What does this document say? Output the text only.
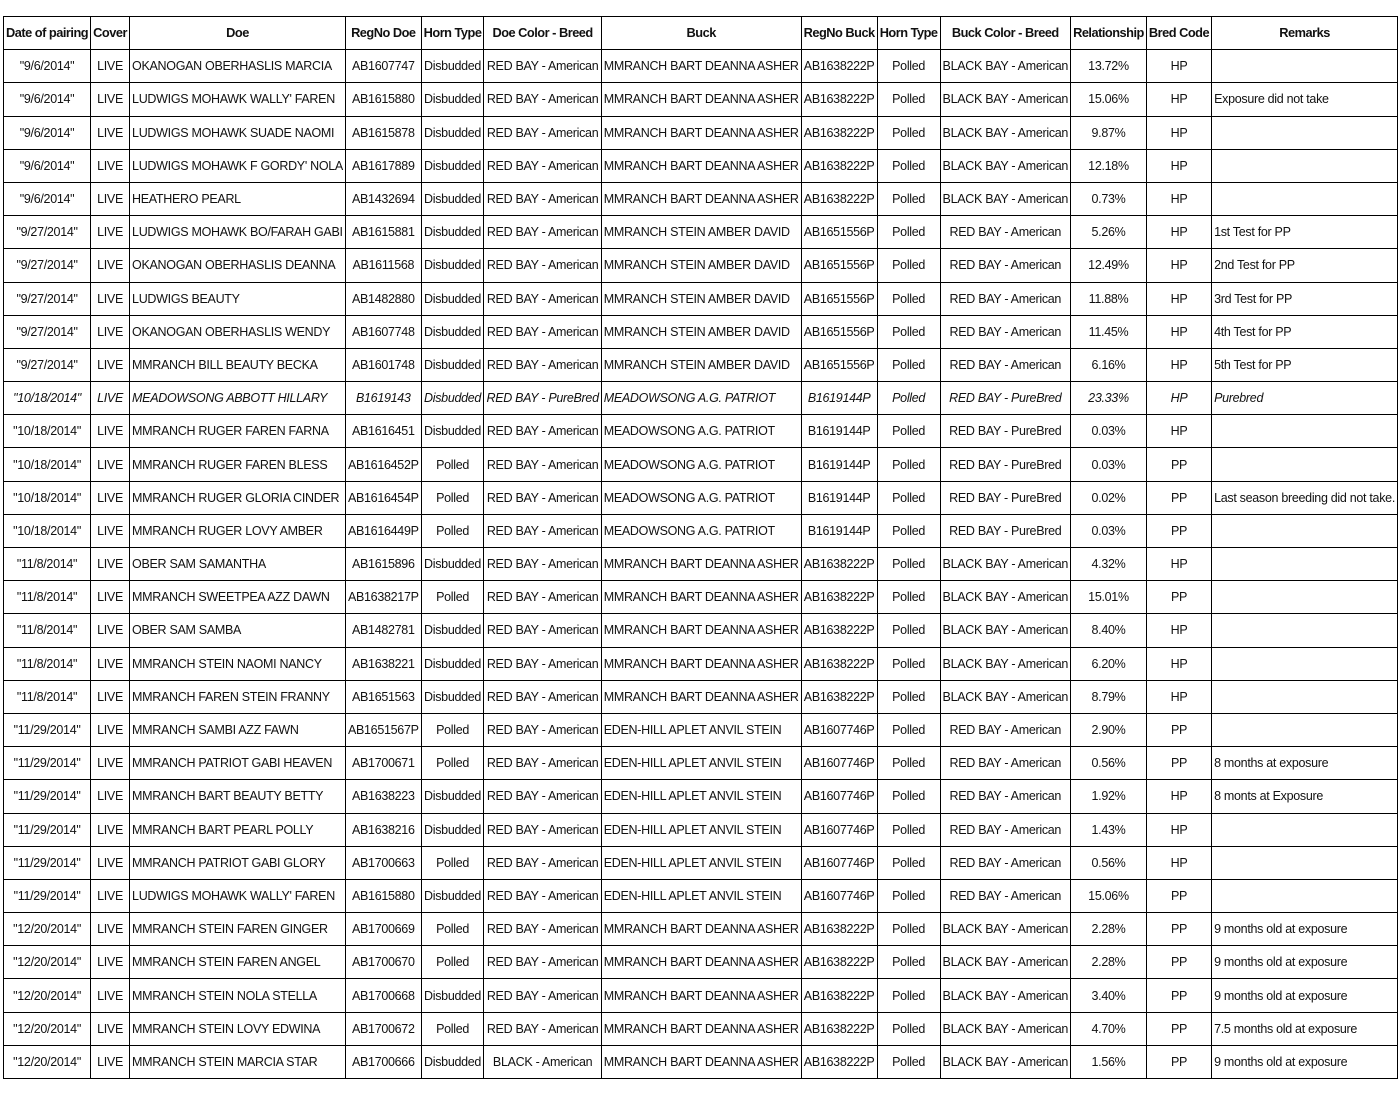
Date of pairing	Cover	Doe	RegNo Doe	Horn Type	Doe Color - Breed	Buck	RegNo Buck	Horn Type	Buck Color - Breed	Relationship	Bred Code	Remarks
"9/6/2014"	LIVE	OKANOGAN OBERHASLIS MARCIA	AB1607747	Disbudded	RED BAY - American	MMRANCH BART DEANNA ASHER	AB1638222P	Polled	BLACK BAY - American	13.72%	HP	
"9/6/2014"	LIVE	LUDWIGS MOHAWK WALLY' FAREN	AB1615880	Disbudded	RED BAY - American	MMRANCH BART DEANNA ASHER	AB1638222P	Polled	BLACK BAY - American	15.06%	HP	Exposure did not take
"9/6/2014"	LIVE	LUDWIGS MOHAWK SUADE NAOMI	AB1615878	Disbudded	RED BAY - American	MMRANCH BART DEANNA ASHER	AB1638222P	Polled	BLACK BAY - American	9.87%	HP	
"9/6/2014"	LIVE	LUDWIGS MOHAWK F GORDY' NOLA	AB1617889	Disbudded	RED BAY - American	MMRANCH BART DEANNA ASHER	AB1638222P	Polled	BLACK BAY - American	12.18%	HP	
"9/6/2014"	LIVE	HEATHERO PEARL	AB1432694	Disbudded	RED BAY - American	MMRANCH BART DEANNA ASHER	AB1638222P	Polled	BLACK BAY - American	0.73%	HP	
"9/27/2014"	LIVE	LUDWIGS MOHAWK BO/FARAH GABI	AB1615881	Disbudded	RED BAY - American	MMRANCH STEIN AMBER DAVID	AB1651556P	Polled	RED BAY - American	5.26%	HP	1st Test for PP
"9/27/2014"	LIVE	OKANOGAN OBERHASLIS DEANNA	AB1611568	Disbudded	RED BAY - American	MMRANCH STEIN AMBER DAVID	AB1651556P	Polled	RED BAY - American	12.49%	HP	2nd Test for PP
"9/27/2014"	LIVE	LUDWIGS BEAUTY	AB1482880	Disbudded	RED BAY - American	MMRANCH STEIN AMBER DAVID	AB1651556P	Polled	RED BAY - American	11.88%	HP	3rd Test for PP
"9/27/2014"	LIVE	OKANOGAN OBERHASLIS WENDY	AB1607748	Disbudded	RED BAY - American	MMRANCH STEIN AMBER DAVID	AB1651556P	Polled	RED BAY - American	11.45%	HP	4th Test for PP
"9/27/2014"	LIVE	MMRANCH BILL BEAUTY BECKA	AB1601748	Disbudded	RED BAY - American	MMRANCH STEIN AMBER DAVID	AB1651556P	Polled	RED BAY - American	6.16%	HP	5th Test for PP
"10/18/2014"	LIVE	MEADOWSONG ABBOTT HILLARY	B1619143	Disbudded	RED BAY - PureBred	MEADOWSONG A.G. PATRIOT	B1619144P	Polled	RED BAY - PureBred	23.33%	HP	Purebred
"10/18/2014"	LIVE	MMRANCH RUGER FAREN FARNA	AB1616451	Disbudded	RED BAY - American	MEADOWSONG A.G. PATRIOT	B1619144P	Polled	RED BAY - PureBred	0.03%	HP	
"10/18/2014"	LIVE	MMRANCH RUGER FAREN BLESS	AB1616452P	Polled	RED BAY - American	MEADOWSONG A.G. PATRIOT	B1619144P	Polled	RED BAY - PureBred	0.03%	PP	
"10/18/2014"	LIVE	MMRANCH RUGER GLORIA CINDER	AB1616454P	Polled	RED BAY - American	MEADOWSONG A.G. PATRIOT	B1619144P	Polled	RED BAY - PureBred	0.02%	PP	Last season breeding did not take.
"10/18/2014"	LIVE	MMRANCH RUGER LOVY AMBER	AB1616449P	Polled	RED BAY - American	MEADOWSONG A.G. PATRIOT	B1619144P	Polled	RED BAY - PureBred	0.03%	PP	
"11/8/2014"	LIVE	OBER SAM SAMANTHA	AB1615896	Disbudded	RED BAY - American	MMRANCH BART DEANNA ASHER	AB1638222P	Polled	BLACK BAY - American	4.32%	HP	
"11/8/2014"	LIVE	MMRANCH SWEETPEA AZZ DAWN	AB1638217P	Polled	RED BAY - American	MMRANCH BART DEANNA ASHER	AB1638222P	Polled	BLACK BAY - American	15.01%	PP	
"11/8/2014"	LIVE	OBER SAM SAMBA	AB1482781	Disbudded	RED BAY - American	MMRANCH BART DEANNA ASHER	AB1638222P	Polled	BLACK BAY - American	8.40%	HP	
"11/8/2014"	LIVE	MMRANCH STEIN NAOMI NANCY	AB1638221	Disbudded	RED BAY - American	MMRANCH BART DEANNA ASHER	AB1638222P	Polled	BLACK BAY - American	6.20%	HP	
"11/8/2014"	LIVE	MMRANCH FAREN STEIN FRANNY	AB1651563	Disbudded	RED BAY - American	MMRANCH BART DEANNA ASHER	AB1638222P	Polled	BLACK BAY - American	8.79%	HP	
"11/29/2014"	LIVE	MMRANCH SAMBI AZZ FAWN	AB1651567P	Polled	RED BAY - American	EDEN-HILL APLET ANVIL STEIN	AB1607746P	Polled	RED BAY - American	2.90%	PP	
"11/29/2014"	LIVE	MMRANCH PATRIOT GABI HEAVEN	AB1700671	Polled	RED BAY - American	EDEN-HILL APLET ANVIL STEIN	AB1607746P	Polled	RED BAY - American	0.56%	PP	8 months at exposure
"11/29/2014"	LIVE	MMRANCH BART BEAUTY BETTY	AB1638223	Disbudded	RED BAY - American	EDEN-HILL APLET ANVIL STEIN	AB1607746P	Polled	RED BAY - American	1.92%	HP	8 monts at Exposure
"11/29/2014"	LIVE	MMRANCH BART PEARL POLLY	AB1638216	Disbudded	RED BAY - American	EDEN-HILL APLET ANVIL STEIN	AB1607746P	Polled	RED BAY - American	1.43%	HP	
"11/29/2014"	LIVE	MMRANCH PATRIOT GABI GLORY	AB1700663	Polled	RED BAY - American	EDEN-HILL APLET ANVIL STEIN	AB1607746P	Polled	RED BAY - American	0.56%	HP	
"11/29/2014"	LIVE	LUDWIGS MOHAWK WALLY' FAREN	AB1615880	Disbudded	RED BAY - American	EDEN-HILL APLET ANVIL STEIN	AB1607746P	Polled	RED BAY - American	15.06%	PP	
"12/20/2014"	LIVE	MMRANCH STEIN FAREN GINGER	AB1700669	Polled	RED BAY - American	MMRANCH BART DEANNA ASHER	AB1638222P	Polled	BLACK BAY - American	2.28%	PP	9 months old at exposure
"12/20/2014"	LIVE	MMRANCH STEIN FAREN ANGEL	AB1700670	Polled	RED BAY - American	MMRANCH BART DEANNA ASHER	AB1638222P	Polled	BLACK BAY - American	2.28%	PP	9 months old at exposure
"12/20/2014"	LIVE	MMRANCH STEIN NOLA STELLA	AB1700668	Disbudded	RED BAY - American	MMRANCH BART DEANNA ASHER	AB1638222P	Polled	BLACK BAY - American	3.40%	PP	9 months old at exposure
"12/20/2014"	LIVE	MMRANCH STEIN LOVY EDWINA	AB1700672	Polled	RED BAY - American	MMRANCH BART DEANNA ASHER	AB1638222P	Polled	BLACK BAY - American	4.70%	PP	7.5 months old at exposure
"12/20/2014"	LIVE	MMRANCH STEIN MARCIA STAR	AB1700666	Disbudded	BLACK - American	MMRANCH BART DEANNA ASHER	AB1638222P	Polled	BLACK BAY - American	1.56%	PP	9 months old at exposure
